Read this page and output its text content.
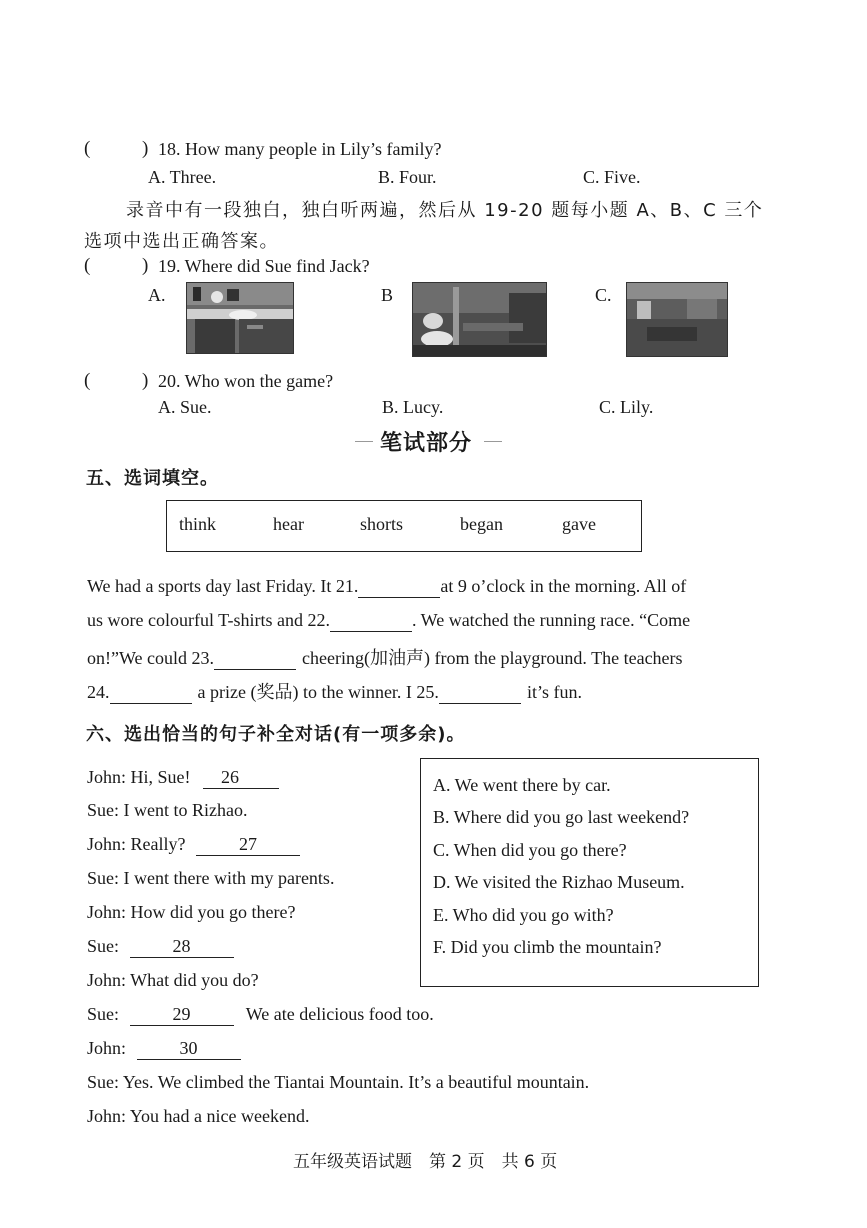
(	) 18. How many people in Lily’s family?
A. Three.	B. Four.	C. Five.
录音中有一段独白，独白听两遍，然后从 19-20 题每小题 A、B、C 三个
选项中选出正确答案。
(	) 19. Where did Sue find Jack?
A.	B	C.
(	) 20. Who won the game?
A. Sue.	B. Lucy.	C. Lily.
笔试部分
五、选词填空。
think	hear	shorts	began	gave
We had a sports day last Friday. It 21.	at 9 o’clock in the morning. All of
us wore colourful T-shirts and 22.	. We watched the running race. “Come
on!”We could 23.	cheering(加油声) from the playground. The teachers
24.	a prize (奖品) to the winner. I 25.	it’s fun.
六、选出恰当的句子补全对话(有一项多余)。
John: Hi, Sue! 26
Sue: I went to Rizhao.
John: Really?	27
Sue: I went there with my parents.
John: How did you go there?
Sue:	28
John: What did you do?
Sue:	29	We ate delicious food too.
John:	30
Sue: Yes. We climbed the Tiantai Mountain. It’s a beautiful mountain.
John: You had a nice weekend.
A. We went there by car.
B. Where did you go last weekend?
C. When did you go there?
D. We visited the Rizhao Museum.
E. Who did you go with?
F. Did you climb the mountain?
五年级英语试题　第 2 页　共 6 页
